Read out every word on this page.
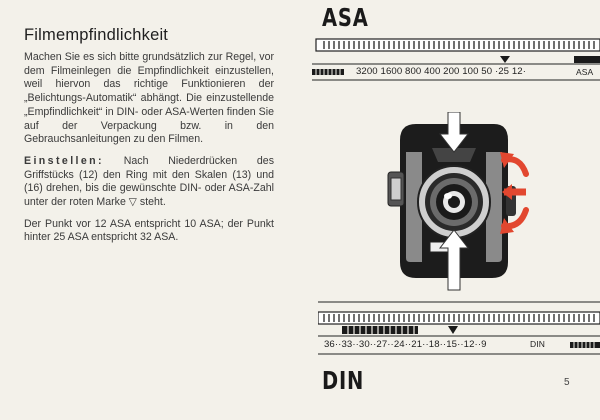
Filmempfindlichkeit

Machen Sie es sich bitte grundsätzlich zur Regel, vor dem Filmeinlegen die Empfindlichkeit einzustellen, weil hiervon das richtige Funktionieren der „Belichtungs-Automatik“ abhängt. Die einzustellende „Empfindlichkeit“ in DIN- oder ASA-Werten finden Sie auf der Verpackung bzw. in den Gebrauchsanleitungen zu den Filmen.

Einstellen: Nach Niederdrücken des Griffstücks (12) den Ring mit den Skalen (13) und (16) drehen, bis die gewünschte DIN- oder ASA-Zahl unter der roten Marke ▽ steht.

Der Punkt vor 12 ASA entspricht 10 ASA; der Punkt hinter 25 ASA entspricht 32 ASA.

ASA
DIN
3200 1600 800 400 200 100 50 ·25 12·	ASA
36··33··30··27··24··21··18··15··12··9	DIN
5
